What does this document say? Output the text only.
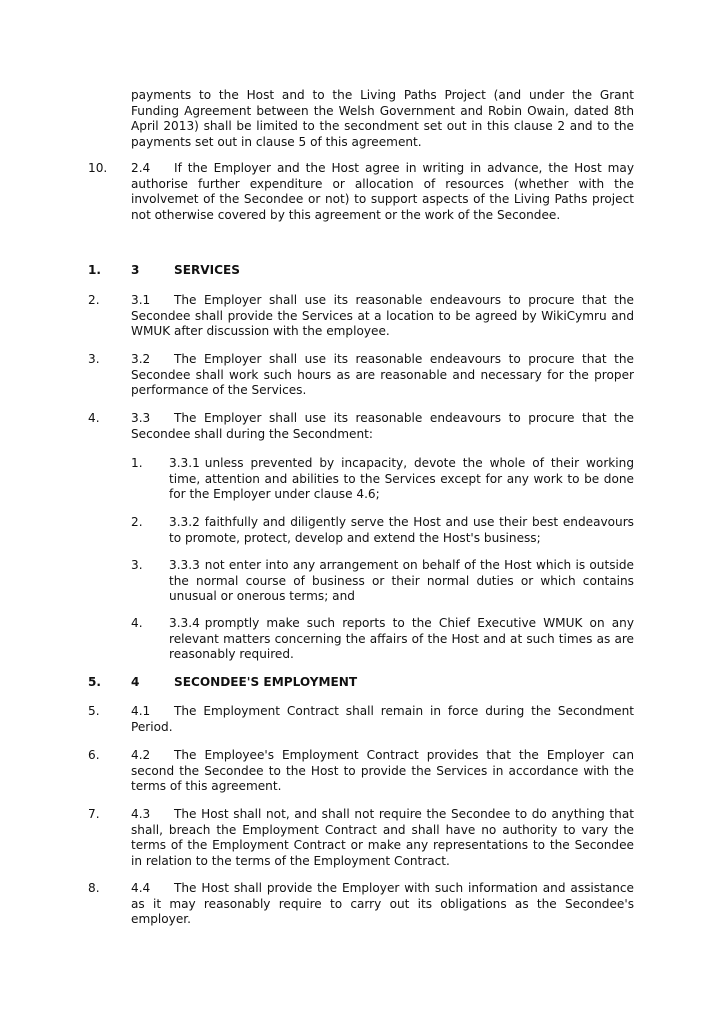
payments to the Host and to the Living Paths Project (and under the Grant Funding Agreement between the Welsh Government and Robin Owain, dated 8th April 2013) shall be limited to the secondment set out in this clause 2 and to the payments set out in clause 5 of this agreement.
10. 2.4 If the Employer and the Host agree in writing in advance, the Host may authorise further expenditure or allocation of resources (whether with the involvemet of the Secondee or not) to support aspects of the Living Paths project not otherwise covered by this agreement or the work of the Secondee.
1. 3	SERVICES
2.	3.1 The Employer shall use its reasonable endeavours to procure that the Secondee shall provide the Services at a location to be agreed by WikiCymru and WMUK after discussion with the employee.
3.	3.2 The Employer shall use its reasonable endeavours to procure that the Secondee shall work such hours as are reasonable and necessary for the proper performance of the Services.
4.	3.3 The Employer shall use its reasonable endeavours to procure that the Secondee shall during the Secondment:
1. 3.3.1 unless prevented by incapacity, devote the whole of their working time, attention and abilities to the Services except for any work to be done for the Employer under clause 4.6;
2. 3.3.2 faithfully and diligently serve the Host and use their best endeavours to promote, protect, develop and extend the Host's business;
3. 3.3.3 not enter into any arrangement on behalf of the Host which is outside the normal course of business or their normal duties or which contains unusual or onerous terms; and
4. 3.3.4 promptly make such reports to the Chief Executive WMUK on any relevant matters concerning the affairs of the Host and at such times as are reasonably required.
5. 4	SECONDEE'S EMPLOYMENT
5.	4.1 The Employment Contract shall remain in force during the Secondment Period.
6.	4.2 The Employee's Employment Contract provides that the Employer can second the Secondee to the Host to provide the Services in accordance with the terms of this agreement.
7.	4.3 The Host shall not, and shall not require the Secondee to do anything that shall, breach the Employment Contract and shall have no authority to vary the terms of the Employment Contract or make any representations to the Secondee in relation to the terms of the Employment Contract.
8.	4.4 The Host shall provide the Employer with such information and assistance as it may reasonably require to carry out its obligations as the Secondee's employer.
